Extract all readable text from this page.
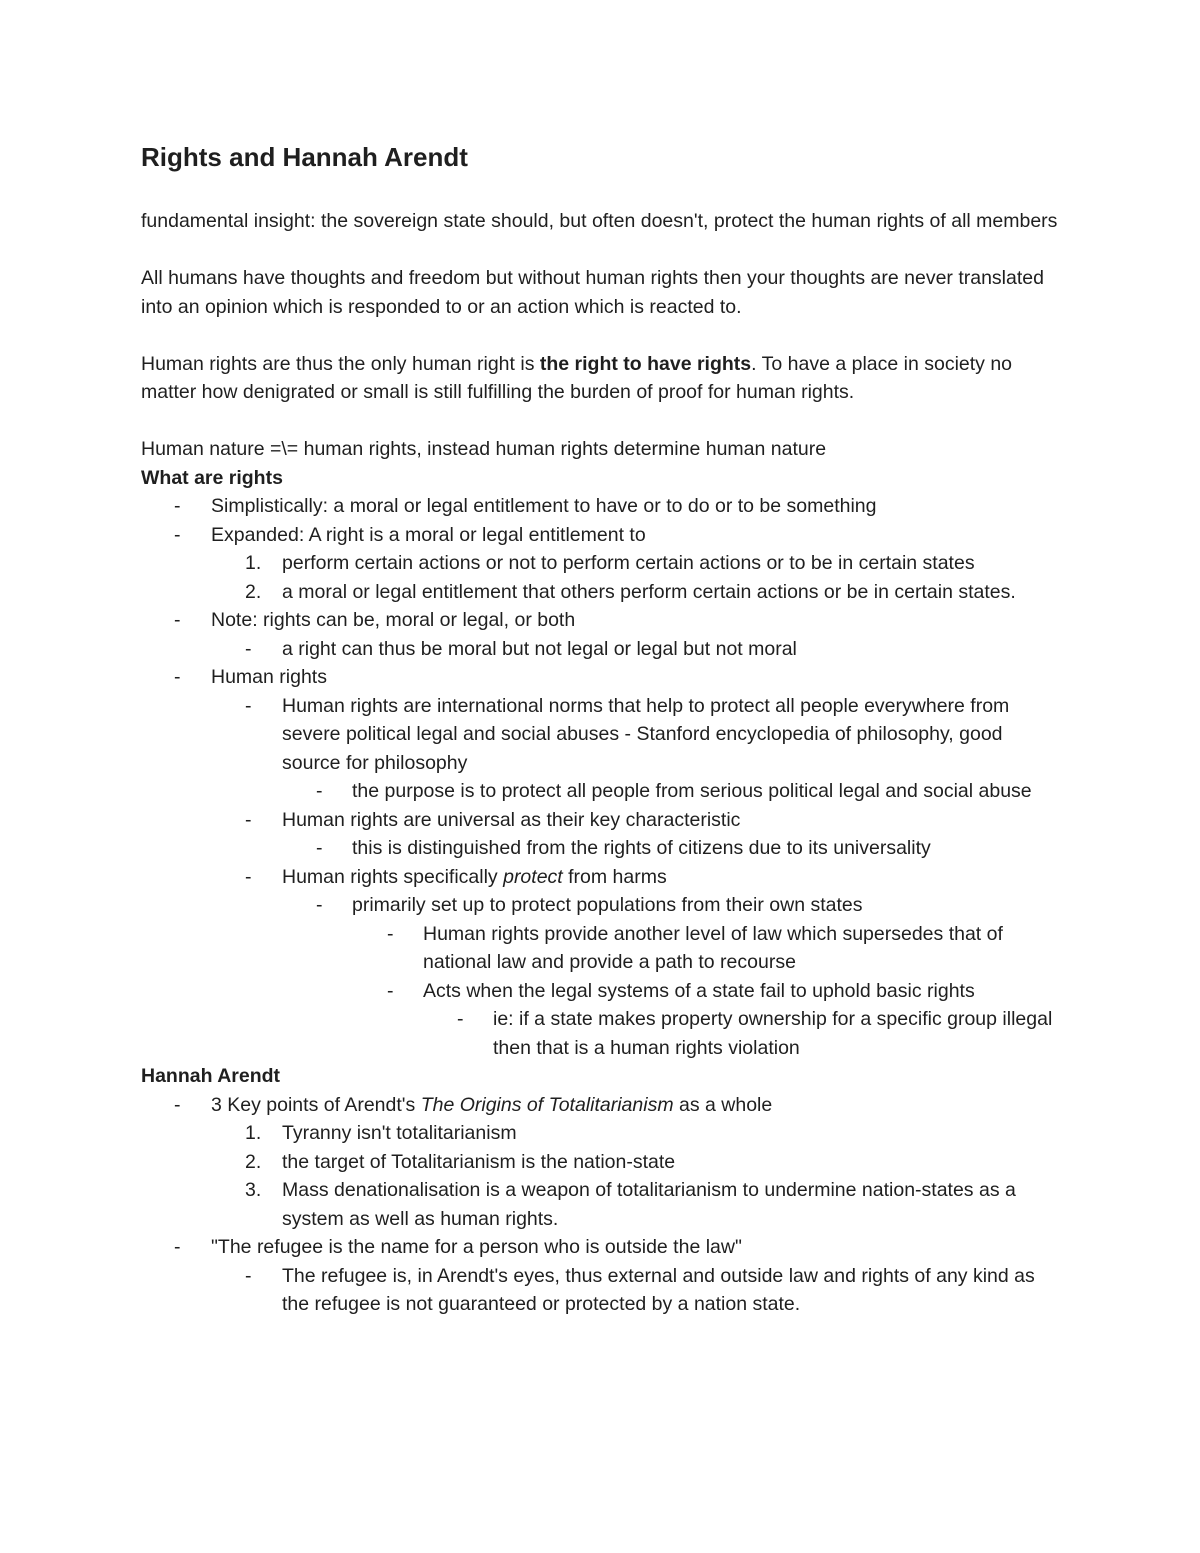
Rights and Hannah Arendt

fundamental insight: the sovereign state should, but often doesn't, protect the human rights of all members

All humans have thoughts and freedom but without human rights then your thoughts are never translated into an opinion which is responded to or an action which is reacted to.

Human rights are thus the only human right is the right to have rights. To have a place in society no matter how denigrated or small is still fulfilling the burden of proof for human rights.

Human nature =\= human rights, instead human rights determine human nature

What are rights
- Simplistically: a moral or legal entitlement to have or to do or to be something
- Expanded: A right is a moral or legal entitlement to
1. perform certain actions or not to perform certain actions or to be in certain states
2. a moral or legal entitlement that others perform certain actions or be in certain states.
- Note: rights can be, moral or legal, or both
- a right can thus be moral but not legal or legal but not moral
- Human rights
- Human rights are international norms that help to protect all people everywhere from severe political legal and social abuses - Stanford encyclopedia of philosophy, good source for philosophy
- the purpose is to protect all people from serious political legal and social abuse
- Human rights are universal as their key characteristic
- this is distinguished from the rights of citizens due to its universality
- Human rights specifically protect from harms
- primarily set up to protect populations from their own states
- Human rights provide another level of law which supersedes that of national law and provide a path to recourse
- Acts when the legal systems of a state fail to uphold basic rights
- ie: if a state makes property ownership for a specific group illegal then that is a human rights violation
Hannah Arendt
- 3 Key points of Arendt's The Origins of Totalitarianism as a whole
1. Tyranny isn't totalitarianism
2. the target of Totalitarianism is the nation-state
3. Mass denationalisation is a weapon of totalitarianism to undermine nation-states as a system as well as human rights.
- "The refugee is the name for a person who is outside the law"
- The refugee is, in Arendt's eyes, thus external and outside law and rights of any kind as the refugee is not guaranteed or protected by a nation state.
